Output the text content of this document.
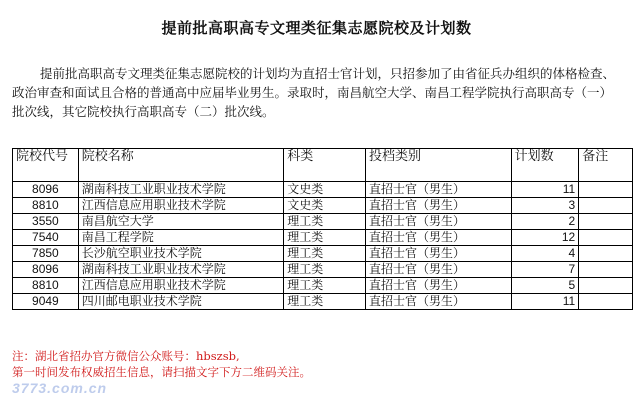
提前批高职高专文理类征集志愿院校及计划数
提前批高职高专文理类征集志愿院校的计划均为直招士官计划，只招参加了由省征兵办组织的体格检查、政治审查和面试且合格的普通高中应届毕业男生。录取时，南昌航空大学、南昌工程学院执行高职高专（一）批次线，其它院校执行高职高专（二）批次线。
院校代号	院校名称	科类	投档类别	计划数	备注
8096	湖南科技工业职业技术学院	文史类	直招士官（男生）	11	
8810	江西信息应用职业技术学院	文史类	直招士官（男生）	3	
3550	南昌航空大学	理工类	直招士官（男生）	2	
7540	南昌工程学院	理工类	直招士官（男生）	12	
7850	长沙航空职业技术学院	理工类	直招士官（男生）	4	
8096	湖南科技工业职业技术学院	理工类	直招士官（男生）	7	
8810	江西信息应用职业技术学院	理工类	直招士官（男生）	5	
9049	四川邮电职业技术学院	理工类	直招士官（男生）	11	
注：湖北省招办官方微信公众账号：hbszsb,
第一时间发布权威招生信息，请扫描文字下方二维码关注。
3773.com.cn
